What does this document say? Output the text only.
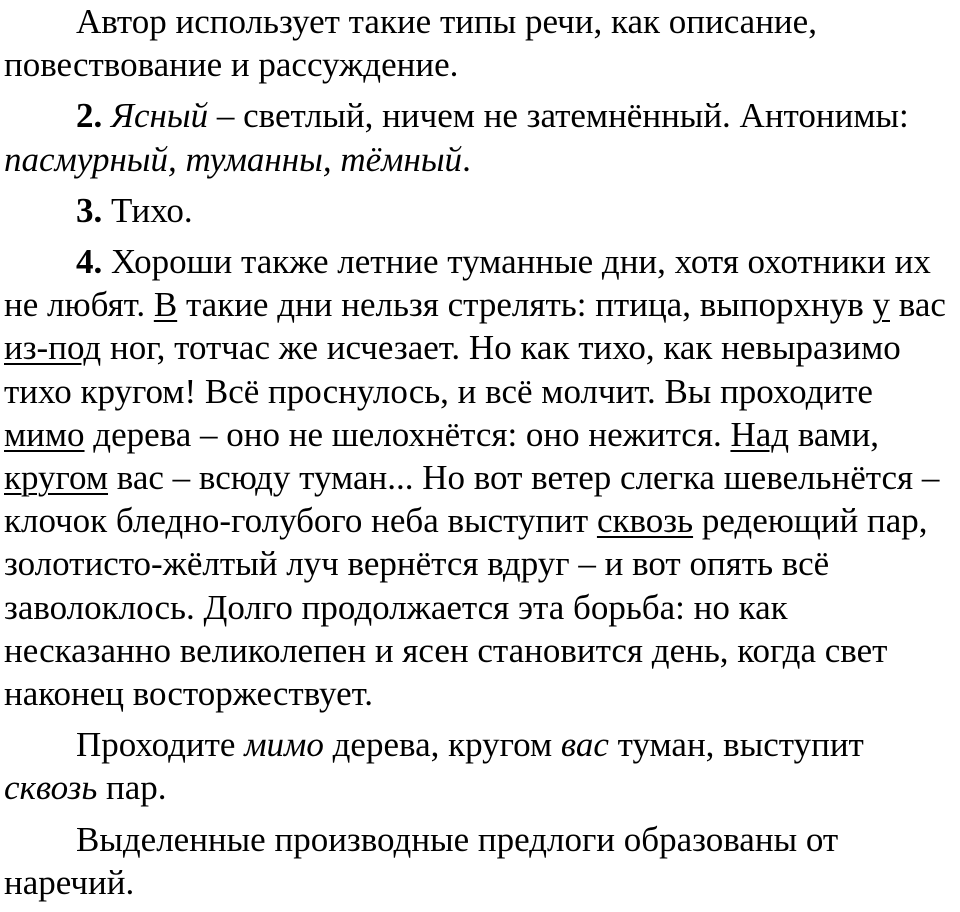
Автор использует такие типы речи, как описание, повествование и рассуждение.

2. Ясный – светлый, ничем не затемнённый. Антонимы: пасмурный, туманны, тёмный.

3. Тихо.

4. Хороши также летние туманные дни, хотя охотники их не любят. В такие дни нельзя стрелять: птица, выпорхнув у вас из-под ног, тотчас же исчезает. Но как тихо, как невыразимо тихо кругом! Всё проснулось, и всё молчит. Вы проходите мимо дерева – оно не шелохнётся: оно нежится. Над вами, кругом вас – всюду туман... Но вот ветер слегка шевельнётся – клочок бледно-голубого неба выступит сквозь редеющий пар, золотисто-жёлтый луч вернётся вдруг – и вот опять всё заволоклось. Долго продолжается эта борьба: но как несказанно великолепен и ясен становится день, когда свет наконец восторжествует.

Проходите мимо дерева, кругом вас туман, выступит сквозь пар.

Выделенные производные предлоги образованы от наречий.
